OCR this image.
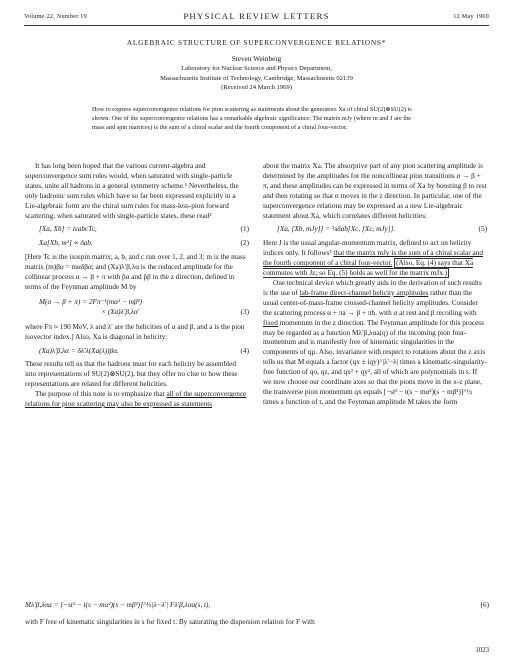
Volume 22, Number 19	PHYSICAL REVIEW LETTERS	12 May 1969
ALGEBRAIC STRUCTURE OF SUPERCONVERGENCE RELATIONS*
Steven Weinberg
Laboratory for Nuclear Science and Physics Department,
Massachusetts Institute of Technology, Cambridge, Massachusetts 02139
(Received 24 March 1969)
How to express superconvergence relations for pion scattering as statements about the generators Xa of chiral SU(2)⊗SU(2) is shown. One of the superconvergence relations has a remarkable algebraic significance: The matrix mJy (where m and J are the mass and spin matrices) is the sum of a chiral scalar and the fourth component of a chiral four-vector.

It has long been hoped that the various current-algebra and superconvergence sum rules would, when saturated with single-particle states, unite all hadrons in a general symmetry scheme.¹ Nevertheless, the only hadronic sum rules which have so far been expressed explicitly in a Lie-algebraic form are the chiral sum rules for mass-less-pion forward scattering; when saturated with single-particle states, these read²

[Xa, Xb] = iεabcTc,	(1)
Xa[Xb, m²] ∝ δab.	(2)

[Here Tc is the isospin matrix; a, b, and c run over 1, 2, and 3; m is the mass matrix (m)βα = mαδβα; and (Xa)λ′β,λα is the reduced amplitude for the collinear process α → β + π with p̂α and p̂β in the z direction, defined in terms of the Feynman amplitude M by

M(α → β + π) = 2Fπ⁻¹(mα² − mβ²)
× (Xa)λ′β,λα′	(3)

where Fπ ≈ 190 MeV, λ and λ′ are the helicities of α and β, and a is the pion isovector index.] Also, Xa is diagonal in helicity:

(Xa)λ′β,λα = δλ′λ(Xa(λ))βα.	(4)

These results tell us that the hadrons must for each helicity be assembled into representations of SU(2)⊗SU(2), but they offer no clue to how these representations are related for different helicities.

The purpose of this note is to emphasize that all of the superconvergence relations for pion scattering may also be expressed as statements

about the matrix Xa. The absorptive part of any pion scattering amplitude is determined by the amplitudes for the noncollinear pion transitions α → β + π, and these amplitudes can be expressed in terms of Xa by boosting β to rest and then rotating so that α moves in the z direction. In particular, one of the superconvergence relations may be expressed as a new Lie-algebraic statement about Xa, which correlates different helicities:

[Xa, [Xb, mJy]] = ¼δab[Xc, [Xc, mJy]].	(5)

Here J is the usual angular-momentum matrix, defined to act on helicity indices only. It follows³ that the matrix mJy is the sum of a chiral scalar and the fourth component of a chiral four-vector. (Also, Eq. (4) says that Xa commutes with Jz; so Eq. (5) holds as well for the matrix mJx.)

One technical device which greatly aids in the derivation of such results is the use of lab-frame direct-channel helicity amplitudes rather than the usual center-of-mass-frame crossed-channel helicity amplitudes. Consider the scattering process α + πa → β + πb, with α at rest and β recoiling with fixed momentum in the z direction. The Feynman amplitude for this process may be regarded as a function Mλ′β,λαa(q) of the incoming pion four-momentum and is manifestly free of kinematic singularities in the components of qμ. Also, invariance with respect to rotations about the z axis tells us that M equals a factor (qx ± iqy)^|λ′−λ| times a kinematic-singularity-free function of qo, qz, and qx² + qy², all of which are polynomials in s. If we now choose our coordinate axes so that the pions move in the x-z plane, the transverse pion momentum qx equals [−st² − t(s − mα²)(s − mβ²)]^½ times a function of t, and the Feynman amplitude M takes the form

Mλ′β,λαa = [−st² − t(s − mα²)(s − mβ²)]^½|λ−λ′| Fλ′β,λαa(s, t),	(6)
with F free of kinematic singularities in s for fixed t. By saturating the dispersion relation for F with
1023
